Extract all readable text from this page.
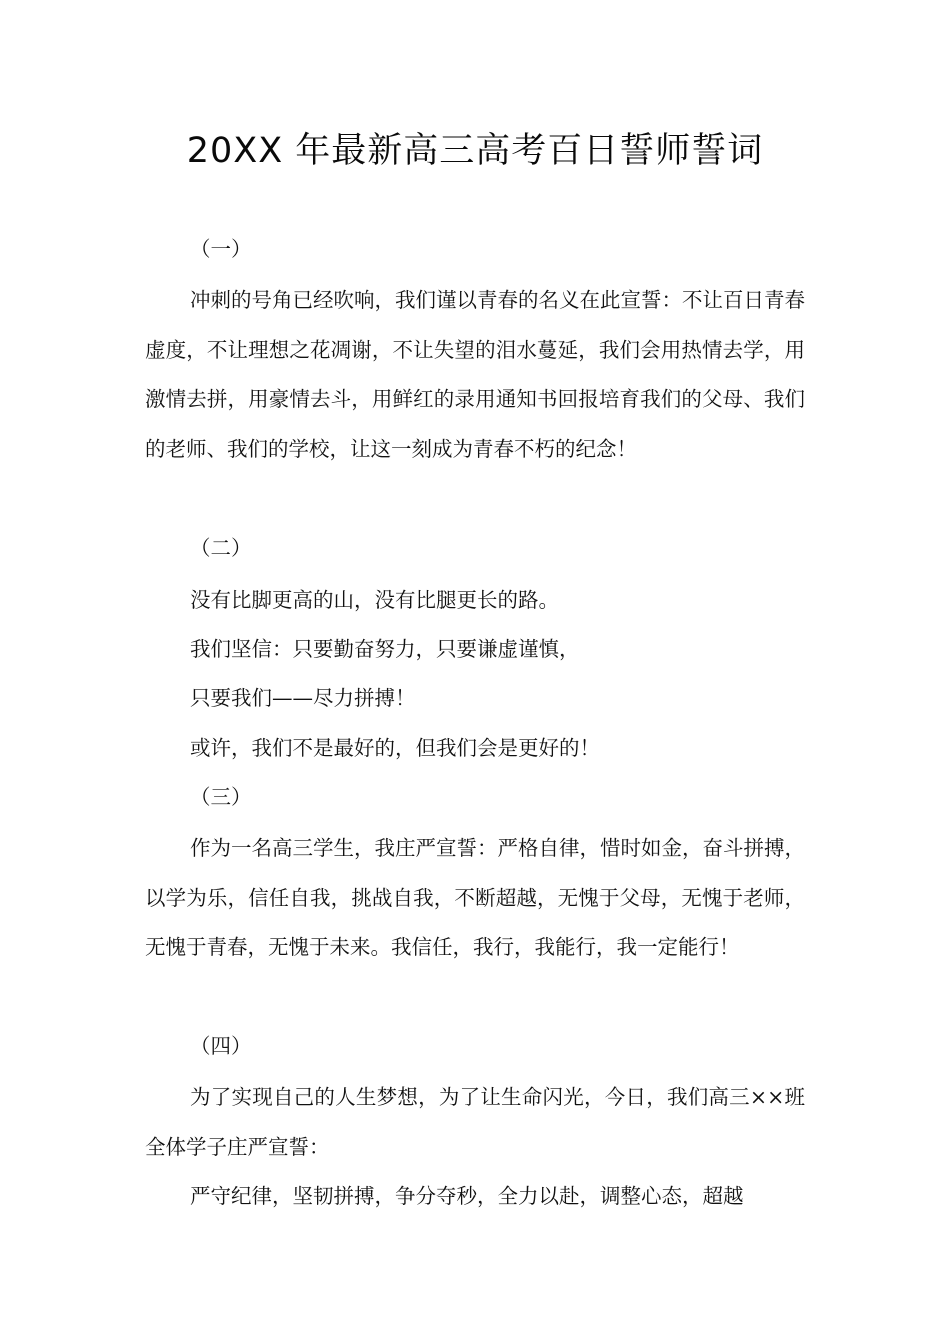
20XX 年最新高三高考百日誓师誓词

（一）

冲刺的号角已经吹响，我们谨以青春的名义在此宣誓：不让百日青春虚度，不让理想之花凋谢，不让失望的泪水蔓延，我们会用热情去学，用激情去拼，用豪情去斗，用鲜红的录用通知书回报培育我们的父母、我们的老师、我们的学校，让这一刻成为青春不朽的纪念！

（二）

没有比脚更高的山，没有比腿更长的路。

我们坚信：只要勤奋努力，只要谦虚谨慎，

只要我们——尽力拼搏！

或许，我们不是最好的，但我们会是更好的！

（三）

作为一名高三学生，我庄严宣誓：严格自律，惜时如金，奋斗拼搏，以学为乐，信任自我，挑战自我，不断超越，无愧于父母，无愧于老师，无愧于青春，无愧于未来。我信任，我行，我能行，我一定能行！

（四）

为了实现自己的人生梦想，为了让生命闪光，今日，我们高三××班全体学子庄严宣誓：

严守纪律，坚韧拼搏，争分夺秒，全力以赴，调整心态，超越
